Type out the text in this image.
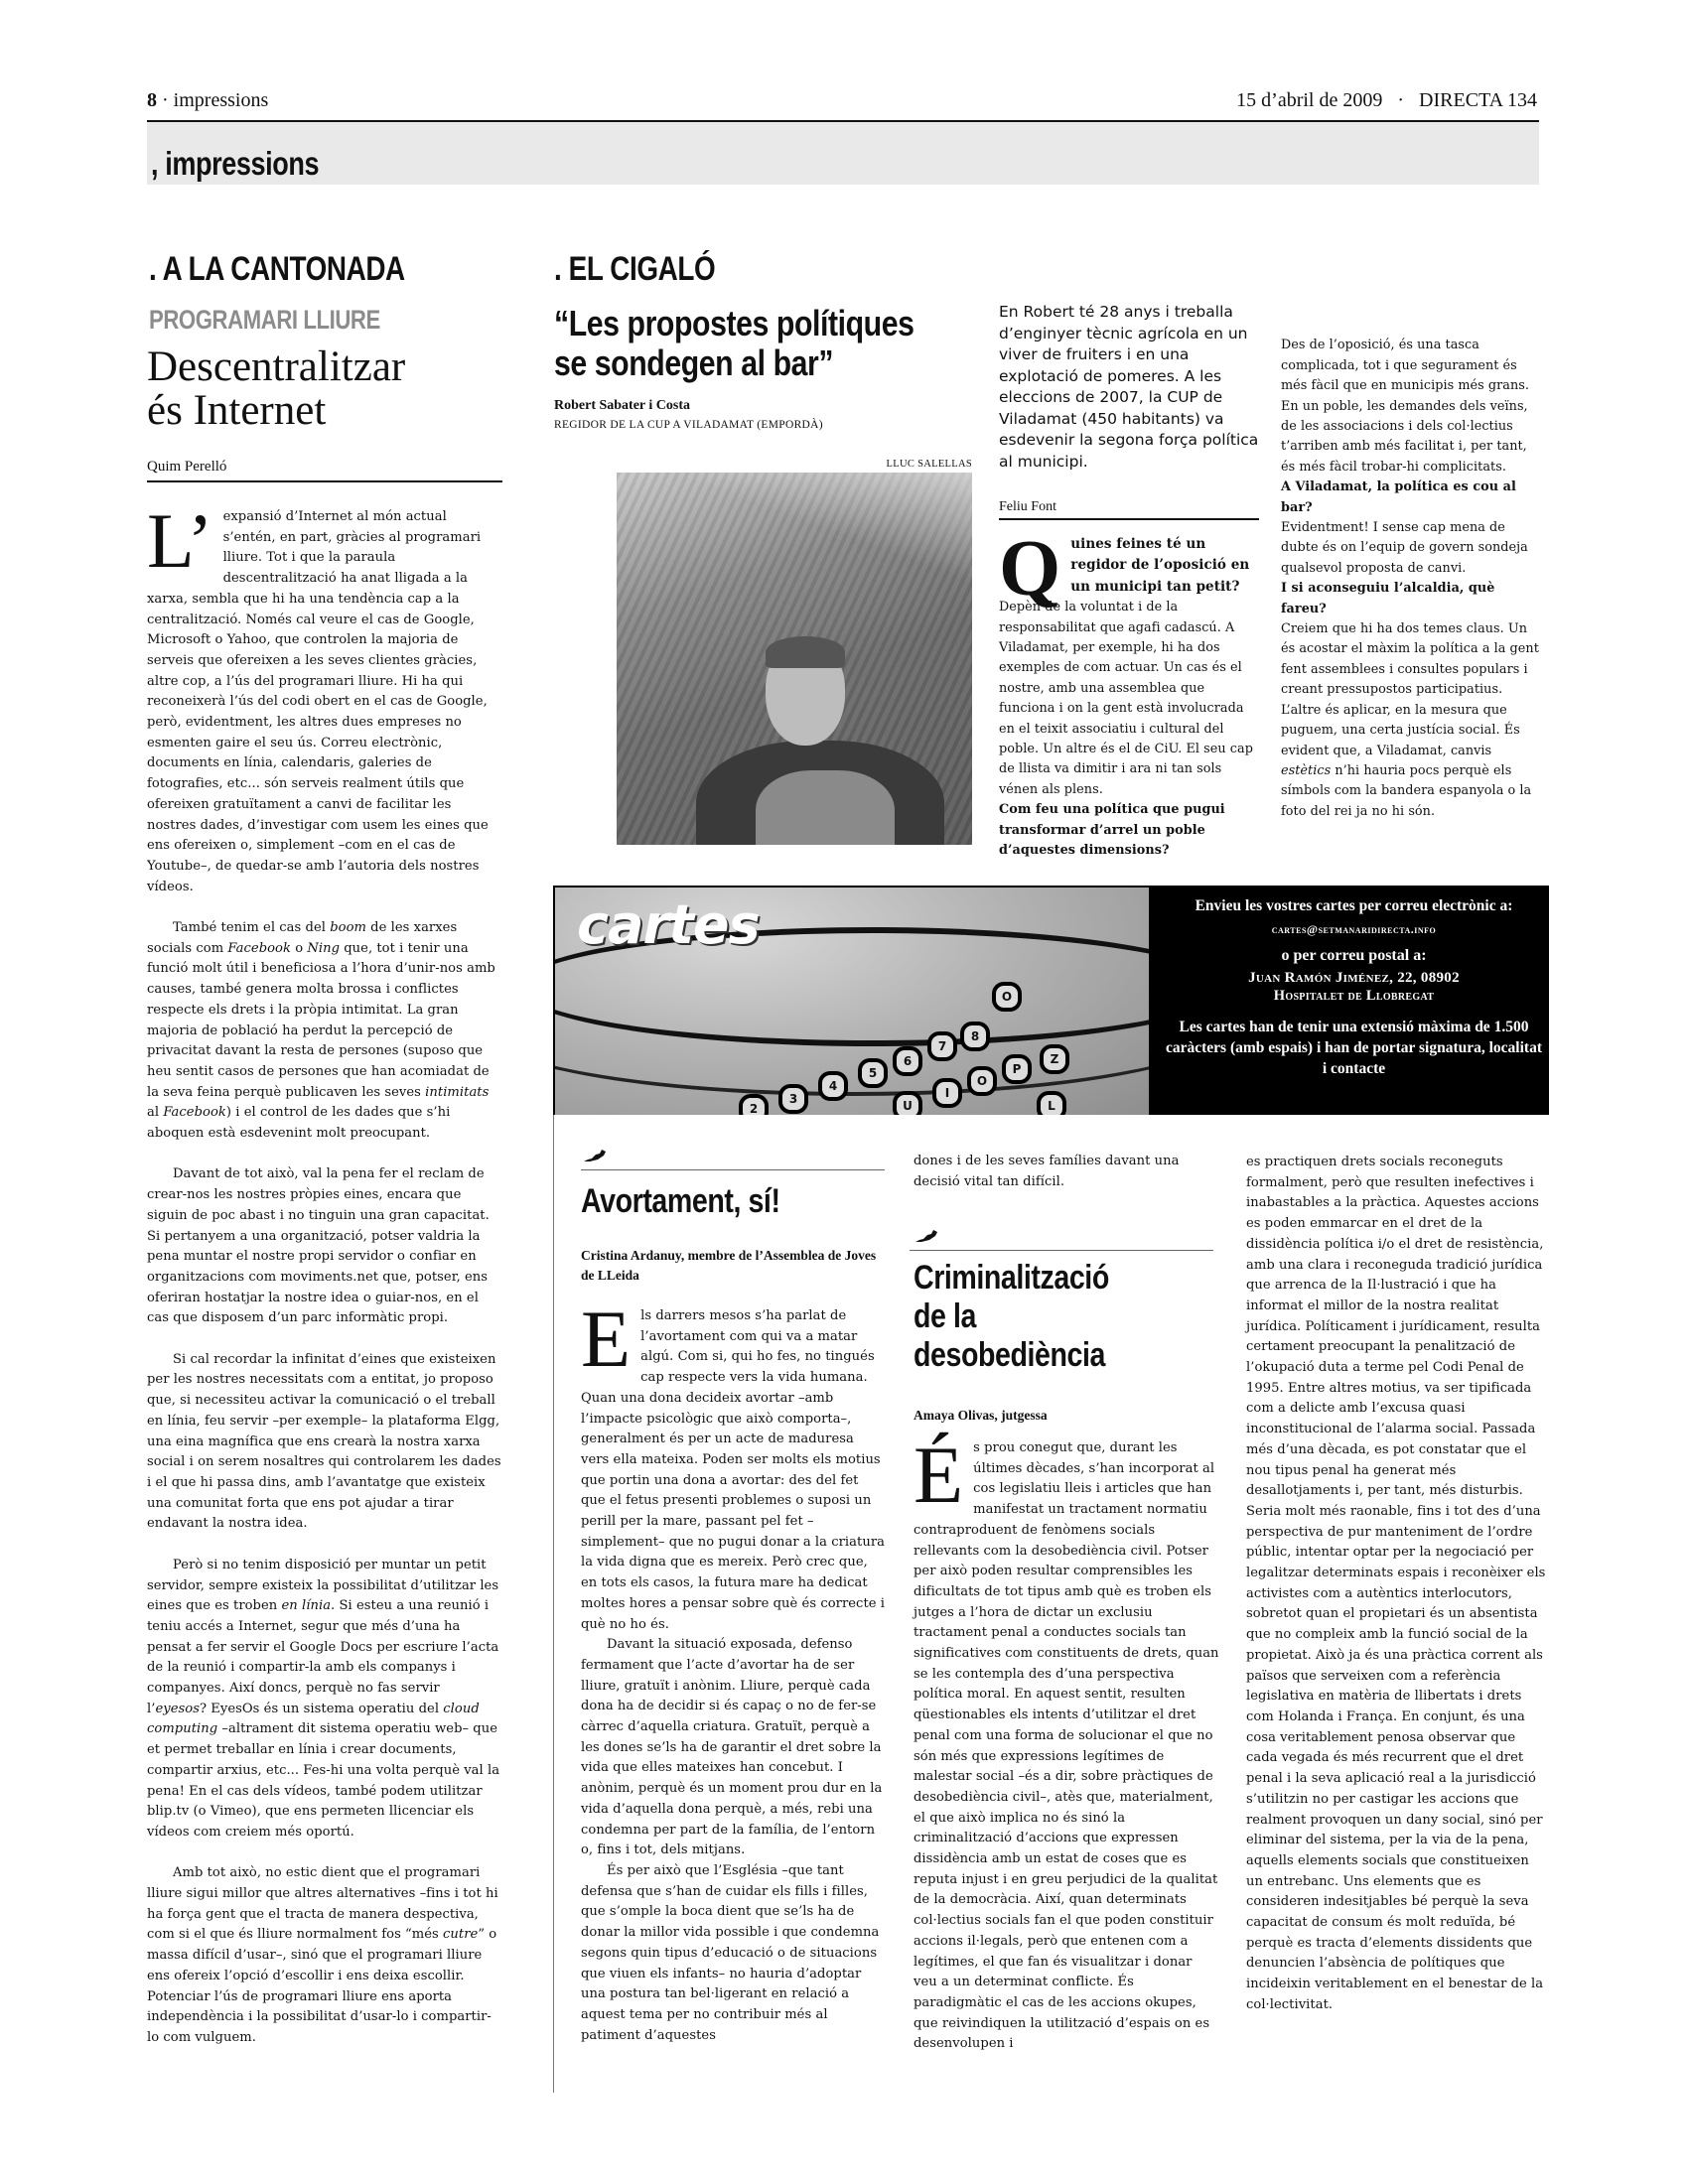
8 · impressions	15 d’abril de 2009 · DIRECTA 134
, impressions
. A LA CANTONADA
PROGRAMARI LLIURE
Descentralitzar
és Internet
Quim Perelló

L’ expansió d’Internet al món actual s’entén, en part, gràcies al programari lliure. Tot i que la paraula descentralització ha anat lligada a la xarxa, sembla que hi ha una tendència cap a la centralització. Només cal veure el cas de Google, Microsoft o Yahoo, que controlen la majoria de serveis que ofereixen a les seves clientes gràcies, altre cop, a l’ús del programari lliure. Hi ha qui reconeixerà l’ús del codi obert en el cas de Google, però, evidentment, les altres dues empreses no esmenten gaire el seu ús. Correu electrònic, documents en línia, calendaris, galeries de fotografies, etc... són serveis realment útils que ofereixen gratuïtament a canvi de facilitar les nostres dades, d’investigar com usem les eines que ens ofereixen o, simplement –com en el cas de Youtube–, de quedar-se amb l’autoria dels nostres vídeos.

També tenim el cas del boom de les xarxes socials com Facebook o Ning que, tot i tenir una funció molt útil i beneficiosa a l’hora d’unir-nos amb causes, també genera molta brossa i conflictes respecte els drets i la pròpia intimitat. La gran majoria de població ha perdut la percepció de privacitat davant la resta de persones (suposo que heu sentit casos de persones que han acomiadat de la seva feina perquè publicaven les seves intimitats al Facebook) i el control de les dades que s’hi aboquen està esdevenint molt preocupant.

Davant de tot això, val la pena fer el reclam de crear-nos les nostres pròpies eines, encara que siguin de poc abast i no tinguin una gran capacitat. Si pertanyem a una organització, potser valdria la pena muntar el nostre propi servidor o confiar en organitzacions com moviments.net que, potser, ens oferiran hostatjar la nostre idea o guiar-nos, en el cas que disposem d’un parc informàtic propi.

Si cal recordar la infinitat d’eines que existeixen per les nostres necessitats com a entitat, jo proposo que, si necessiteu activar la comunicació o el treball en línia, feu servir –per exemple– la plataforma Elgg, una eina magnífica que ens crearà la nostra xarxa social i on serem nosaltres qui controlarem les dades i el que hi passa dins, amb l’avantatge que existeix una comunitat forta que ens pot ajudar a tirar endavant la nostra idea.

Però si no tenim disposició per muntar un petit servidor, sempre existeix la possibilitat d’utilitzar les eines que es troben en línia. Si esteu a una reunió i teniu accés a Internet, segur que més d’una ha pensat a fer servir el Google Docs per escriure l’acta de la reunió i compartir-la amb els companys i companyes. Així doncs, perquè no fas servir l’eyesos? EyesOs és un sistema operatiu del cloud computing –altrament dit sistema operatiu web– que et permet treballar en línia i crear documents, compartir arxius, etc... Fes-hi una volta perquè val la pena! En el cas dels vídeos, també podem utilitzar blip.tv (o Vimeo), que ens permeten llicenciar els vídeos com creiem més oportú.

Amb tot això, no estic dient que el programari lliure sigui millor que altres alternatives –fins i tot hi ha força gent que el tracta de manera despectiva, com si el que és lliure normalment fos “més cutre” o massa difícil d’usar–, sinó que el programari lliure ens ofereix l’opció d’escollir i ens deixa escollir. Potenciar l’ús de programari lliure ens aporta independència i la possibilitat d’usar-lo i compartir-lo com vulguem.

. EL CIGALÓ
“Les propostes polítiques
se sondegen al bar”
Robert Sabater i Costa
REGIDOR DE LA CUP A VILADAMAT (EMPORDÀ)
LLUC SALELLAS
En Robert té 28 anys i treballa d’enginyer tècnic agrícola en un viver de fruiters i en una explotació de pomeres. A les eleccions de 2007, la CUP de Viladamat (450 habitants) va esdevenir la segona força política al municipi.
Feliu Font

Quines feines té un regidor de l’oposició en un municipi tan petit?

Depèn de la voluntat i de la responsabilitat que agafi cadascú. A Viladamat, per exemple, hi ha dos exemples de com actuar. Un cas és el nostre, amb una assemblea que funciona i on la gent està involucrada en el teixit associatiu i cultural del poble. Un altre és el de CiU. El seu cap de llista va dimitir i ara ni tan sols vénen als plens.

Com feu una política que pugui transformar d’arrel un poble d’aquestes dimensions?

Des de l’oposició, és una tasca complicada, tot i que segurament és més fàcil que en municipis més grans. En un poble, les demandes dels veïns, de les associacions i dels col·lectius t’arriben amb més facilitat i, per tant, és més fàcil trobar-hi complicitats.

A Viladamat, la política es cou al bar?

Evidentment! I sense cap mena de dubte és on l’equip de govern sondeja qualsevol proposta de canvi.

I si aconseguiu l’alcaldia, què fareu?

Creiem que hi ha dos temes claus. Un és acostar el màxim la política a la gent fent assemblees i consultes populars i creant pressupostos participatius. L’altre és aplicar, en la mesura que puguem, una certa justícia social. És evident que, a Viladamat, canvis estètics n’hi hauria pocs perquè els símbols com la bandera espanyola o la foto del rei ja no hi són.

O
8
7
6
5
4
3
2	U
I
O
P
L
Z
cartes	Envieu les vostres cartes per correu electrònic a:
cartes@setmanaridirecta.info
o per correu postal a:
Juan Ramón Jiménez, 22, 08902
Hospitalet de Llobregat
Les cartes han de tenir una extensió màxima de 1.500 caràcters (amb espais) i han de portar signatura, localitat i contacte
Avortament, sí!
Cristina Ardanuy, membre de l’Assemblea de Joves de LLeida

Els darrers mesos s’ha parlat de l’avortament com qui va a matar algú. Com si, qui ho fes, no tingués cap respecte vers la vida humana. Quan una dona decideix avortar –amb l’impacte psicològic que això comporta–, generalment és per un acte de maduresa vers ella mateixa. Poden ser molts els motius que portin una dona a avortar: des del fet que el fetus presenti problemes o suposi un perill per la mare, passant pel fet –simplement– que no pugui donar a la criatura la vida digna que es mereix. Però crec que, en tots els casos, la futura mare ha dedicat moltes hores a pensar sobre què és correcte i què no ho és.

Davant la situació exposada, defenso fermament que l’acte d’avortar ha de ser lliure, gratuït i anònim. Lliure, perquè cada dona ha de decidir si és capaç o no de fer-se càrrec d’aquella criatura. Gratuït, perquè a les dones se’ls ha de garantir el dret sobre la vida que elles mateixes han concebut. I anònim, perquè és un moment prou dur en la vida d’aquella dona perquè, a més, rebi una condemna per part de la família, de l’entorn o, fins i tot, dels mitjans.

És per això que l’Església –que tant defensa que s’han de cuidar els fills i filles, que s’omple la boca dient que se’ls ha de donar la millor vida possible i que condemna segons quin tipus d’educació o de situacions que viuen els infants– no hauria d’adoptar una postura tan bel·ligerant en relació a aquest tema per no contribuir més al patiment d’aquestes

Criminalització
de la
desobediència
Amaya Olivas, jutgessa

És prou conegut que, durant les últimes dècades, s’han incorporat al cos legislatiu lleis i articles que han manifestat un tractament normatiu contraproduent de fenòmens socials rellevants com la desobediència civil. Potser per això poden resultar comprensibles les dificultats de tot tipus amb què es troben els jutges a l’hora de dictar un exclusiu tractament penal a conductes socials tan significatives com constituents de drets, quan se les contempla des d’una perspectiva política moral. En aquest sentit, resulten qüestionables els intents d’utilitzar el dret penal com una forma de solucionar el que no són més que expressions legítimes de malestar social –és a dir, sobre pràctiques de desobediència civil–, atès que, materialment, el que això implica no és sinó la criminalització d’accions que expressen dissidència amb un estat de coses que es reputa injust i en greu perjudici de la qualitat de la democràcia. Així, quan determinats col·lectius socials fan el que poden constituir accions il·legals, però que entenen com a legítimes, el que fan és visualitzar i donar veu a un determinat conflicte. És paradigmàtic el cas de les accions okupes, que reivindiquen la utilització d’espais on es desenvolupen i

es practiquen drets socials reconeguts formalment, però que resulten inefectives i inabastables a la pràctica. Aquestes accions es poden emmarcar en el dret de la dissidència política i/o el dret de resistència, amb una clara i reconeguda tradició jurídica que arrenca de la Il·lustració i que ha informat el millor de la nostra realitat jurídica. Políticament i jurídicament, resulta certament preocupant la penalització de l’okupació duta a terme pel Codi Penal de 1995. Entre altres motius, va ser tipificada com a delicte amb l’excusa quasi inconstitucional de l’alarma social. Passada més d’una dècada, es pot constatar que el nou tipus penal ha generat més desallotjaments i, per tant, més disturbis. Seria molt més raonable, fins i tot des d’una perspectiva de pur manteniment de l’ordre públic, intentar optar per la negociació per legalitzar determinats espais i reconèixer els activistes com a autèntics interlocutors, sobretot quan el propietari és un absentista que no compleix amb la funció social de la propietat. Això ja és una pràctica corrent als països que serveixen com a referència legislativa en matèria de llibertats i drets com Holanda i França. En conjunt, és una cosa veritablement penosa observar que cada vegada és més recurrent que el dret penal i la seva aplicació real a la jurisdicció s’utilitzin no per castigar les accions que realment provoquen un dany social, sinó per eliminar del sistema, per la via de la pena, aquells elements socials que constitueixen un entrebanc. Uns elements que es consideren indesitjables bé perquè la seva capacitat de consum és molt reduïda, bé perquè es tracta d’elements dissidents que denuncien l’absència de polítiques que incideixin veritablement en el benestar de la col·lectivitat.

dones i de les seves famílies davant una decisió vital tan difícil.
